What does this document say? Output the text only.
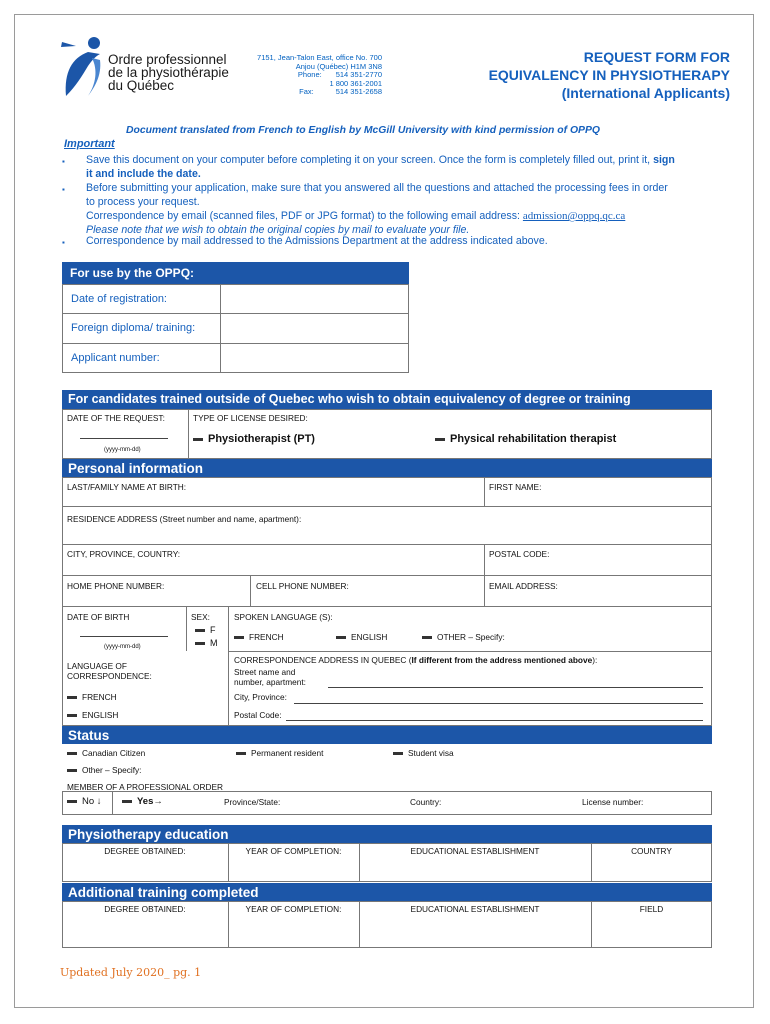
Ordre professionnel
de la physiothérapie
du Québec
7151, Jean-Talon East, office No. 700
Anjou (Québec) H1M 3N8
Phone: 514 351-2770
1 800 361-2001
Fax:	514 351-2658
REQUEST FORM FOR
EQUIVALENCY IN PHYSIOTHERAPY
(International Applicants)
Document translated from French to English by McGill University with kind permission of OPPQ
Important
▪ Save this document on your computer before completing it on your screen. Once the form is completely filled out, print it, sign
it and include the date.
▪ Before submitting your application, make sure that you answered all the questions and attached the processing fees in order
to process your request.
Correspondence by email (scanned files, PDF or JPG format) to the following email address: admission@oppq.qc.ca
Please note that we wish to obtain the original copies by mail to evaluate your file.
▪ Correspondence by mail addressed to the Admissions Department at the address indicated above.
For use by the OPPQ:
Date of registration:
Foreign diploma/ training:
Applicant number:
For candidates trained outside of Quebec who wish to obtain equivalency of degree or training
DATE OF THE REQUEST:
(yyyy-mm-dd)
TYPE OF LICENSE DESIRED:
Physiotherapist (PT)	Physical rehabilitation therapist
Personal information
LAST/FAMILY NAME AT BIRTH:	FIRST NAME:
RESIDENCE ADDRESS (Street number and name, apartment):
CITY, PROVINCE, COUNTRY:	POSTAL CODE:
HOME PHONE NUMBER:	CELL PHONE NUMBER:	EMAIL ADDRESS:
DATE OF BIRTH
(yyyy-mm-dd)
SEX:
F
M
SPOKEN LANGUAGE (S):
FRENCH	ENGLISH	OTHER – Specify:
LANGUAGE OF
CORRESPONDENCE:
FRENCH
ENGLISH
CORRESPONDENCE ADDRESS IN QUEBEC (If different from the address mentioned above):
Street name and
number, apartment:
City, Province:
Postal Code:
Status
Canadian Citizen	Permanent resident	Student visa
Other – Specify:
MEMBER OF A PROFESSIONAL ORDER
No ↓	Yes→	Province/State:	Country:	License number:
Physiotherapy education
DEGREE OBTAINED:	YEAR OF COMPLETION:	EDUCATIONAL ESTABLISHMENT	COUNTRY
Additional training completed
DEGREE OBTAINED:	YEAR OF COMPLETION:	EDUCATIONAL ESTABLISHMENT	FIELD
Updated July 2020_ pg. 1
